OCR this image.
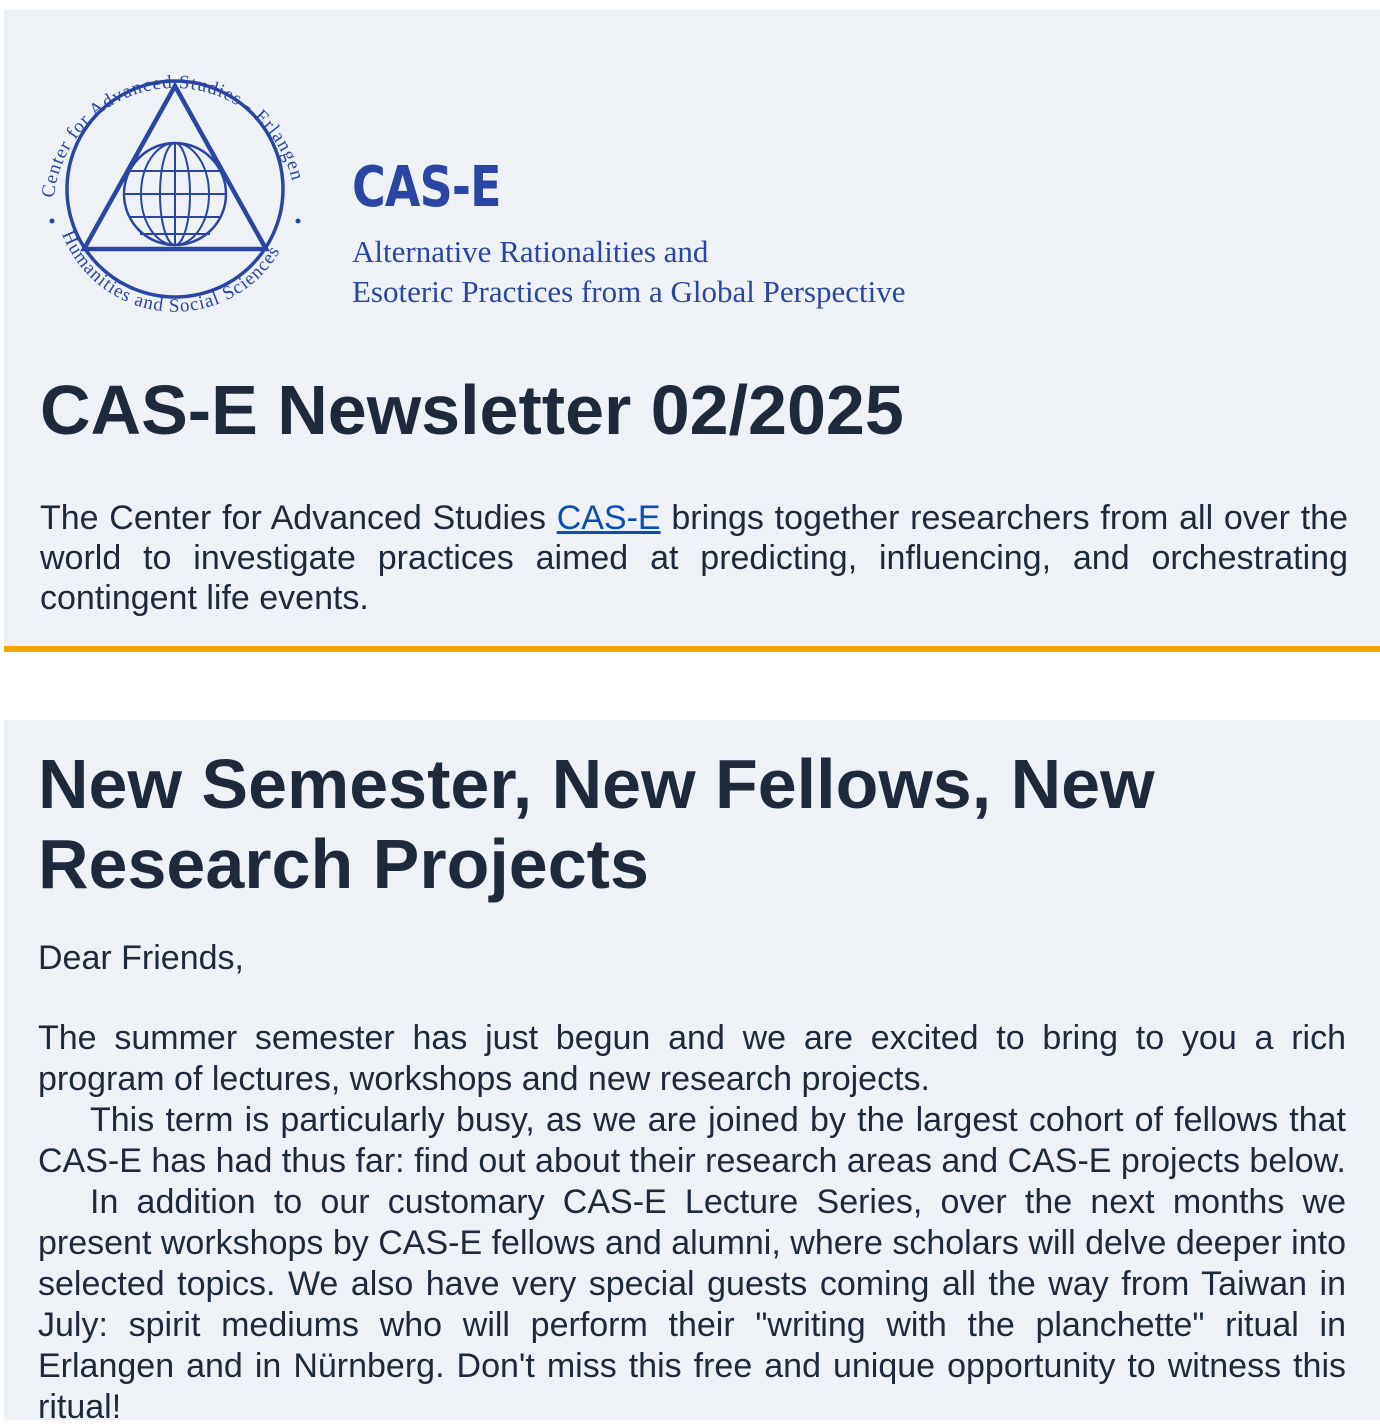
Center for Advanced Studies - Erlangen
Humanities and Social Sciences
CAS-E
Alternative Rationalities and
Esoteric Practices from a Global Perspective
CAS-E Newsletter 02/2025

The Center for Advanced Studies CAS-E brings together researchers from all over the world to investigate practices aimed at predicting, influencing, and orchestrating contingent life events.

New Semester, New Fellows, New Research Projects

Dear Friends,

The summer semester has just begun and we are excited to bring to you a rich program of lectures, workshops and new research projects.

This term is particularly busy, as we are joined by the largest cohort of fellows that CAS-E has had thus far: find out about their research areas and CAS-E projects below.

In addition to our customary CAS-E Lecture Series, over the next months we present workshops by CAS-E fellows and alumni, where scholars will delve deeper into selected topics. We also have very special guests coming all the way from Taiwan in July: spirit mediums who will perform their "writing with the planchette" ritual in Erlangen and in Nürnberg. Don't miss this free and unique opportunity to witness this ritual!
